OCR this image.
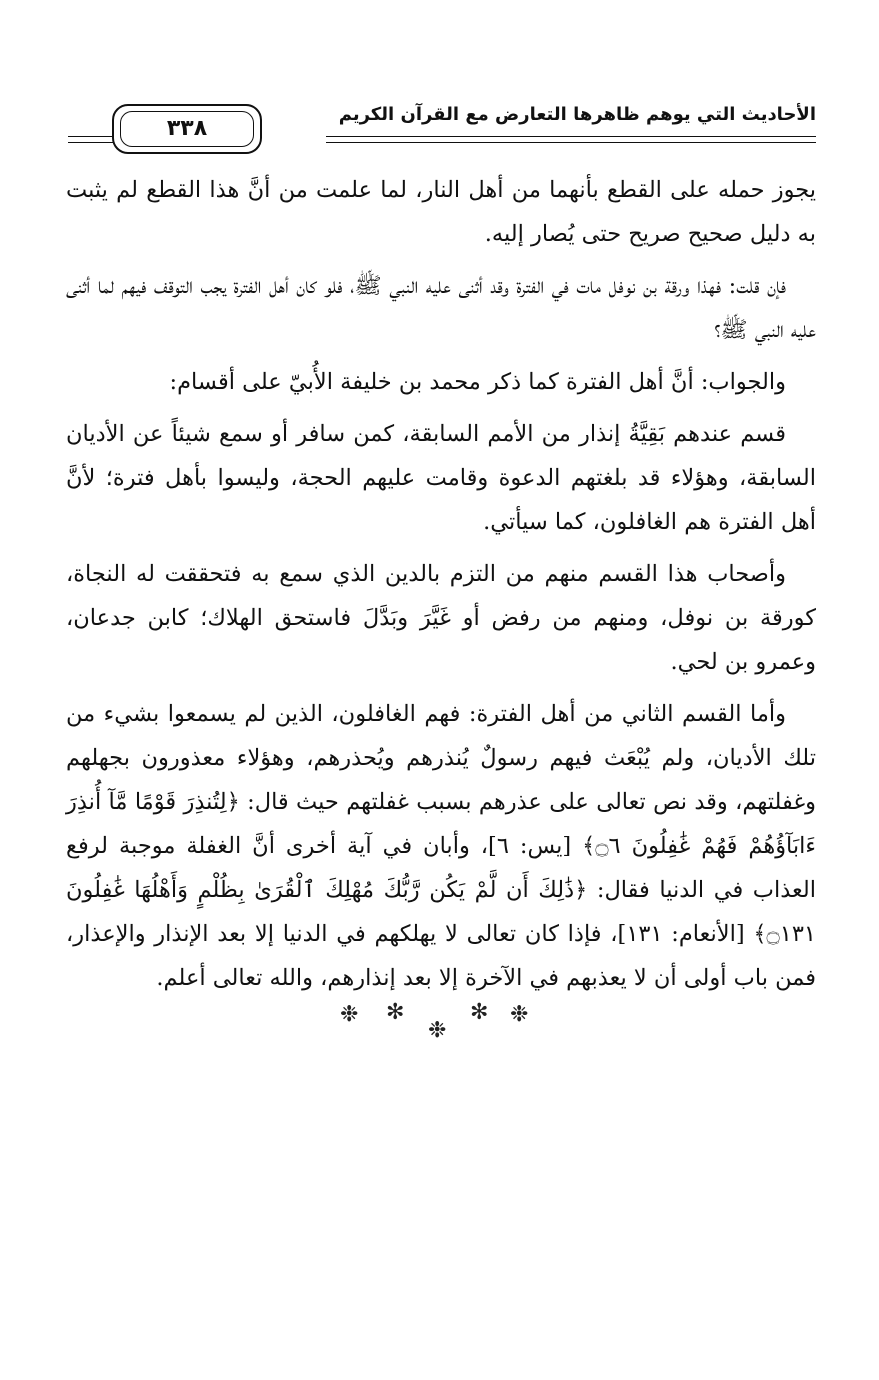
الأحاديث التي يوهم ظاهرها التعارض مع القرآن الكريم
٣٣٨

يجوز حمله على القطع بأنهما من أهل النار، لما علمت من أنَّ هذا القطع لم يثبت به دليل صحيح صريح حتى يُصار إليه.

فإن قلت: فهذا ورقة بن نوفل مات في الفترة وقد أثنى عليه النبي ﷺ، فلو كان أهل الفترة يجب التوقف فيهم لما أثنى عليه النبي ﷺ؟

والجواب: أنَّ أهل الفترة كما ذكر محمد بن خليفة الأُبيّ على أقسام:

قسم عندهم بَقِيَّةُ إنذار من الأمم السابقة، كمن سافر أو سمع شيئاً عن الأديان السابقة، وهؤلاء قد بلغتهم الدعوة وقامت عليهم الحجة، وليسوا بأهل فترة؛ لأنَّ أهل الفترة هم الغافلون، كما سيأتي.

وأصحاب هذا القسم منهم من التزم بالدين الذي سمع به فتحققت له النجاة، كورقة بن نوفل، ومنهم من رفض أو غَيَّرَ وبَدَّلَ فاستحق الهلاك؛ كابن جدعان، وعمرو بن لحي.

وأما القسم الثاني من أهل الفترة: فهم الغافلون، الذين لم يسمعوا بشيء من تلك الأديان، ولم يُبْعَث فيهم رسولٌ يُنذرهم ويُحذرهم، وهؤلاء معذورون بجهلهم وغفلتهم، وقد نص تعالى على عذرهم بسبب غفلتهم حيث قال: ﴿لِتُنذِرَ قَوْمًا مَّآ أُنذِرَ ءَابَآؤُهُمْ فَهُمْ غَٰفِلُونَ ۝٦﴾ [يس: ٦]، وأبان في آية أخرى أنَّ الغفلة موجبة لرفع العذاب في الدنيا فقال: ﴿ذَٰلِكَ أَن لَّمْ يَكُن رَّبُّكَ مُهْلِكَ ٱلْقُرَىٰ بِظُلْمٍ وَأَهْلُهَا غَٰفِلُونَ ۝١٣١﴾ [الأنعام: ١٣١]، فإذا كان تعالى لا يهلكهم في الدنيا إلا بعد الإنذار والإعذار، فمن باب أولى أن لا يعذبهم في الآخرة إلا بعد إنذارهم، والله تعالى أعلم.

❉ ✻
❉
✻ ❉
